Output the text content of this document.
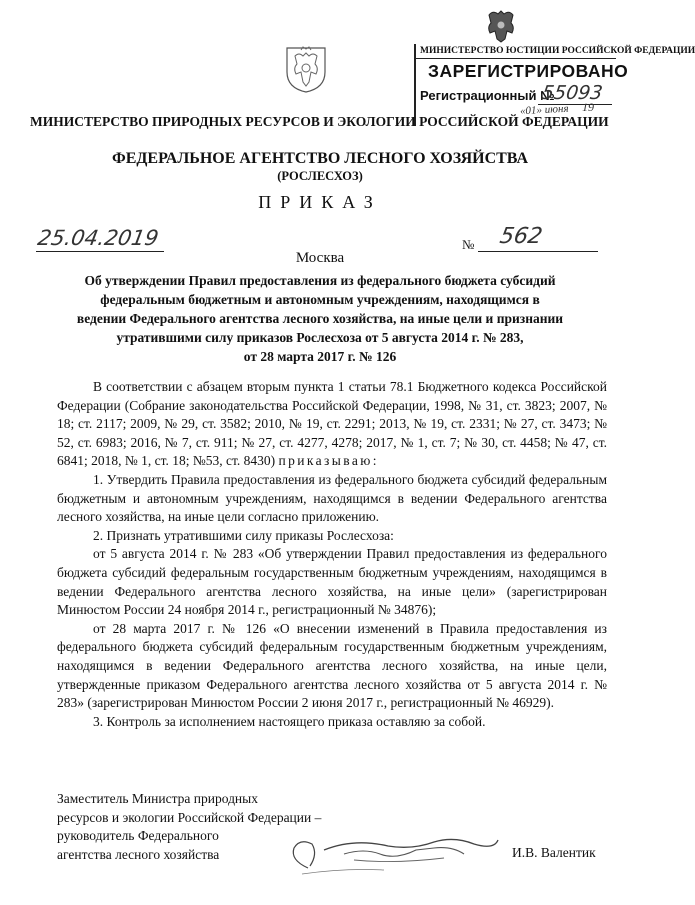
МИНИСТЕРСТВО ЮСТИЦИИ РОССИЙСКОЙ ФЕДЕРАЦИИ
ЗАРЕГИСТРИРОВАНО
Регистрационный №
55093
«01» июня 19
МИНИСТЕРСТВО ПРИРОДНЫХ РЕСУРСОВ И ЭКОЛОГИИ РОССИЙСКОЙ ФЕДЕРАЦИИ
ФЕДЕРАЛЬНОЕ АГЕНТСТВО ЛЕСНОГО ХОЗЯЙСТВА
(РОСЛЕСХОЗ)
ПРИКАЗ
25.04.2019	№ 562
Москва
Об утверждении Правил предоставления из федерального бюджета субсидий
федеральным бюджетным и автономным учреждениям, находящимся в
ведении Федерального агентства лесного хозяйства, на иные цели и признании
утратившими силу приказов Рослесхоза от 5 августа 2014 г. № 283,
от 28 марта 2017 г. № 126

В соответствии с абзацем вторым пункта 1 статьи 78.1 Бюджетного кодекса Российской Федерации (Собрание законодательства Российской Федерации, 1998, № 31, ст. 3823; 2007, № 18; ст. 2117; 2009, № 29, ст. 3582; 2010, № 19, ст. 2291; 2013, № 19, ст. 2331; № 27, ст. 3473; № 52, ст. 6983; 2016, № 7, ст. 911; № 27, ст. 4277, 4278; 2017, № 1, ст. 7; № 30, ст. 4458; № 47, ст. 6841; 2018, № 1, ст. 18; №53, ст. 8430) приказываю:

1. Утвердить Правила предоставления из федерального бюджета субсидий федеральным бюджетным и автономным учреждениям, находящимся в ведении Федерального агентства лесного хозяйства, на иные цели согласно приложению.

2. Признать утратившими силу приказы Рослесхоза:

от 5 августа 2014 г. № 283 «Об утверждении Правил предоставления из федерального бюджета субсидий федеральным государственным бюджетным учреждениям, находящимся в ведении Федерального агентства лесного хозяйства, на иные цели» (зарегистрирован Минюстом России 24 ноября 2014 г., регистрационный № 34876);

от 28 марта 2017 г. № 126 «О внесении изменений в Правила предоставления из федерального бюджета субсидий федеральным государственным бюджетным учреждениям, находящимся в ведении Федерального агентства лесного хозяйства, на иные цели, утвержденные приказом Федерального агентства лесного хозяйства от 5 августа 2014 г. № 283» (зарегистрирован Минюстом России 2 июня 2017 г., регистрационный № 46929).

3. Контроль за исполнением настоящего приказа оставляю за собой.

Заместитель Министра природных
ресурсов и экологии Российской Федерации –
руководитель Федерального
агентства лесного хозяйства	И.В. Валентик
